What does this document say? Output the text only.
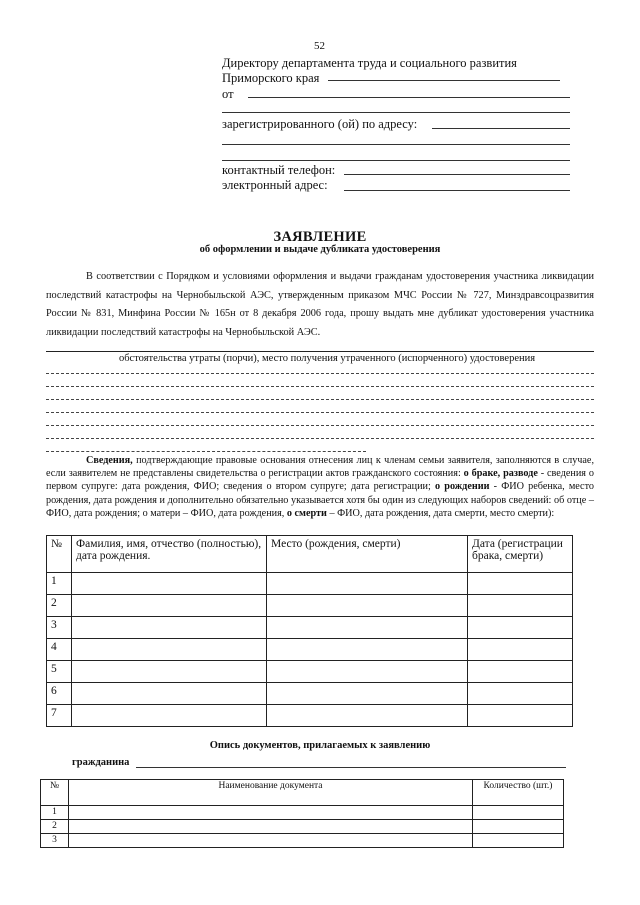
52
Директору департамента труда и социального развития
Приморского края
от
зарегистрированного (ой) по адресу:
контактный телефон:
электронный адрес:
ЗАЯВЛЕНИЕ
об оформлении и выдаче дубликата удостоверения
В соответствии с Порядком и условиями оформления и выдачи гражданам удостоверения участника ликвидации последствий катастрофы на Чернобыльской АЭС, утвержденным приказом МЧС России № 727, Минздравсоцразвития России № 831, Минфина России № 165н от 8 декабря 2006 года, прошу выдать мне дубликат удостоверения участника ликвидации последствий катастрофы на Чернобыльской АЭС.
обстоятельства утраты (порчи), место получения утраченного (испорченного) удостоверения
Сведения, подтверждающие правовые основания отнесения лиц к членам семьи заявителя, заполняются в случае, если заявителем не представлены свидетельства о регистрации актов гражданского состояния: о браке, разводе - сведения о первом супруге: дата рождения, ФИО; сведения о втором супруге; дата регистрации; о рождении - ФИО ребенка, место рождения, дата рождения и дополнительно обязательно указывается хотя бы один из следующих наборов сведений: об отце – ФИО, дата рождения; о матери – ФИО, дата рождения, о смерти – ФИО, дата рождения, дата смерти, место смерти):
№	Фамилия, имя, отчество (полностью), дата рождения.	Место (рождения, смерти)	Дата (регистрации брака, смерти)
1			
2			
3			
4			
5			
6			
7			
Опись документов, прилагаемых к заявлению
гражданина
№	Наименование документа	Количество (шт.)
1		
2		
3		
